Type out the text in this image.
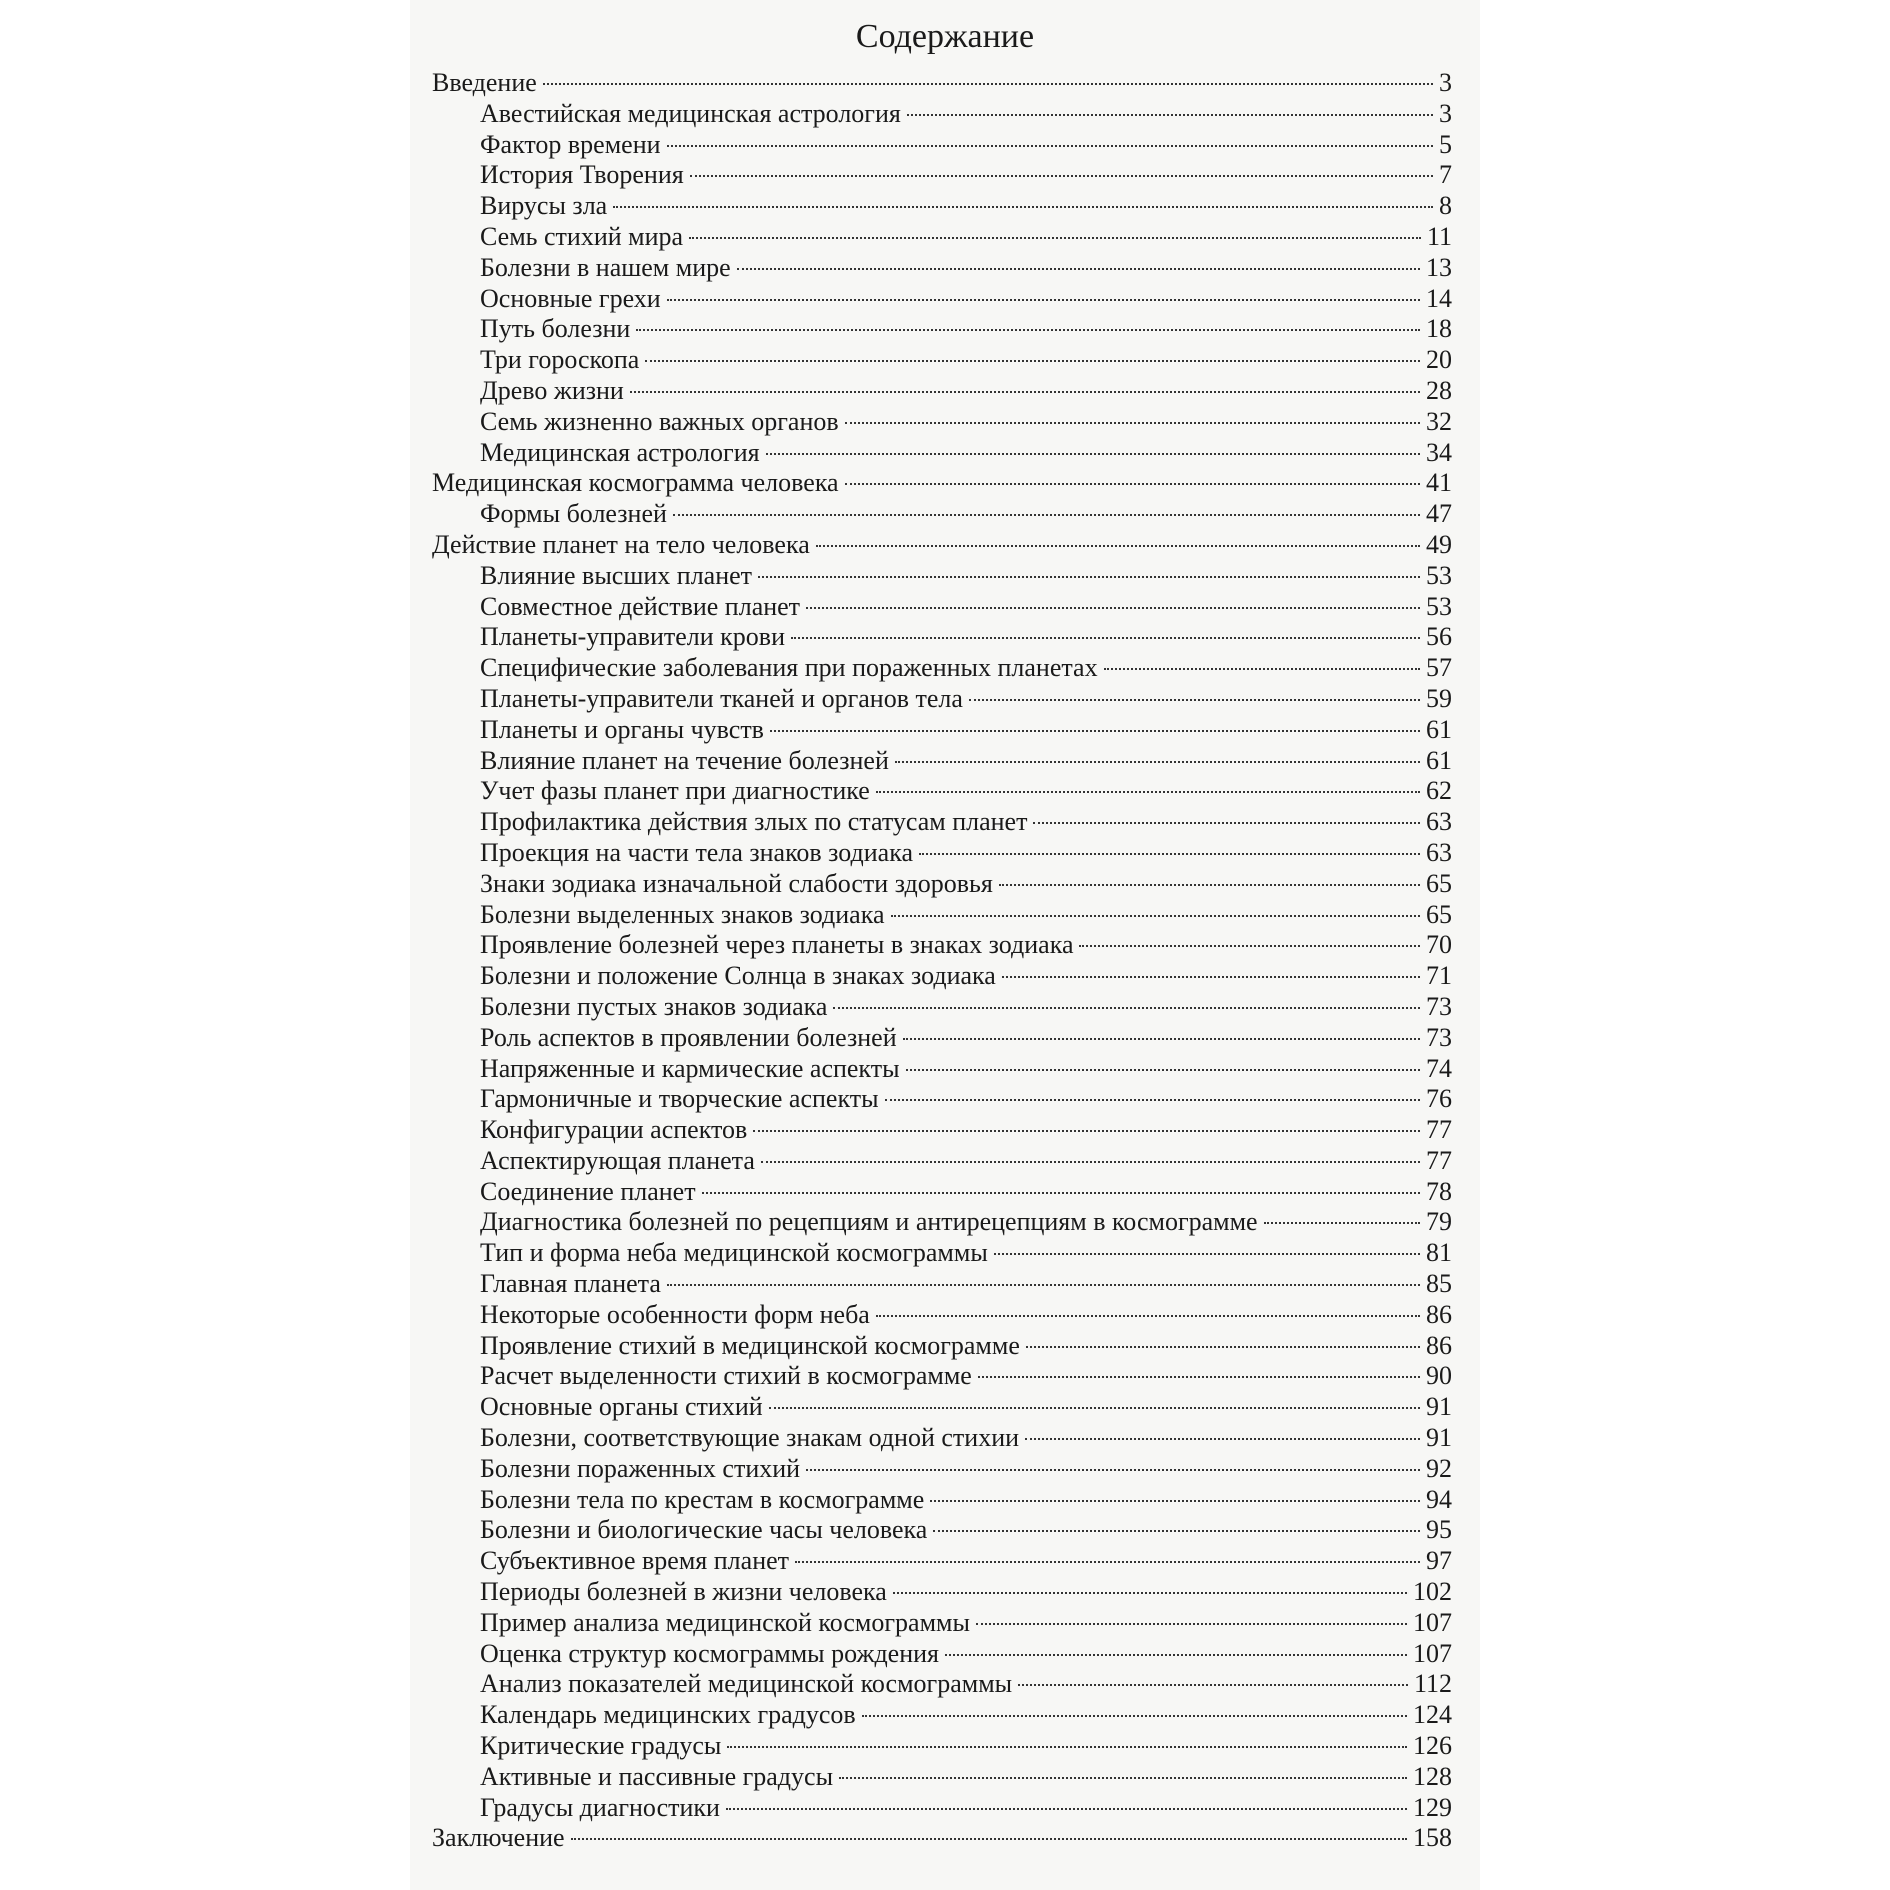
Содержание
Введение	3
Авестийская медицинская астрология	3
Фактор времени	5
История Творения	7
Вирусы зла	8
Семь стихий мира	11
Болезни в нашем мире	13
Основные грехи	14
Путь болезни	18
Три гороскопа	20
Древо жизни	28
Семь жизненно важных органов	32
Медицинская астрология	34
Медицинская космограмма человека	41
Формы болезней	47
Действие планет на тело человека	49
Влияние высших планет	53
Совместное действие планет	53
Планеты-управители крови	56
Специфические заболевания при пораженных планетах	57
Планеты-управители тканей и органов тела	59
Планеты и органы чувств	61
Влияние планет на течение болезней	61
Учет фазы планет при диагностике	62
Профилактика действия злых по статусам планет	63
Проекция на части тела знаков зодиака	63
Знаки зодиака изначальной слабости здоровья	65
Болезни выделенных знаков зодиака	65
Проявление болезней через планеты в знаках зодиака	70
Болезни и положение Солнца в знаках зодиака	71
Болезни пустых знаков зодиака	73
Роль аспектов в проявлении болезней	73
Напряженные и кармические аспекты	74
Гармоничные и творческие аспекты	76
Конфигурации аспектов	77
Аспектирующая планета	77
Соединение планет	78
Диагностика болезней по рецепциям и антирецепциям в космограмме	79
Тип и форма неба медицинской космограммы	81
Главная планета	85
Некоторые особенности форм неба	86
Проявление стихий в медицинской космограмме	86
Расчет выделенности стихий в космограмме	90
Основные органы стихий	91
Болезни, соответствующие знакам одной стихии	91
Болезни пораженных стихий	92
Болезни тела по крестам в космограмме	94
Болезни и биологические часы человека	95
Субъективное время планет	97
Периоды болезней в жизни человека	102
Пример анализа медицинской космограммы	107
Оценка структур космограммы рождения	107
Анализ показателей медицинской космограммы	112
Календарь медицинских градусов	124
Критические градусы	126
Активные и пассивные градусы	128
Градусы диагностики	129
Заключение	158
